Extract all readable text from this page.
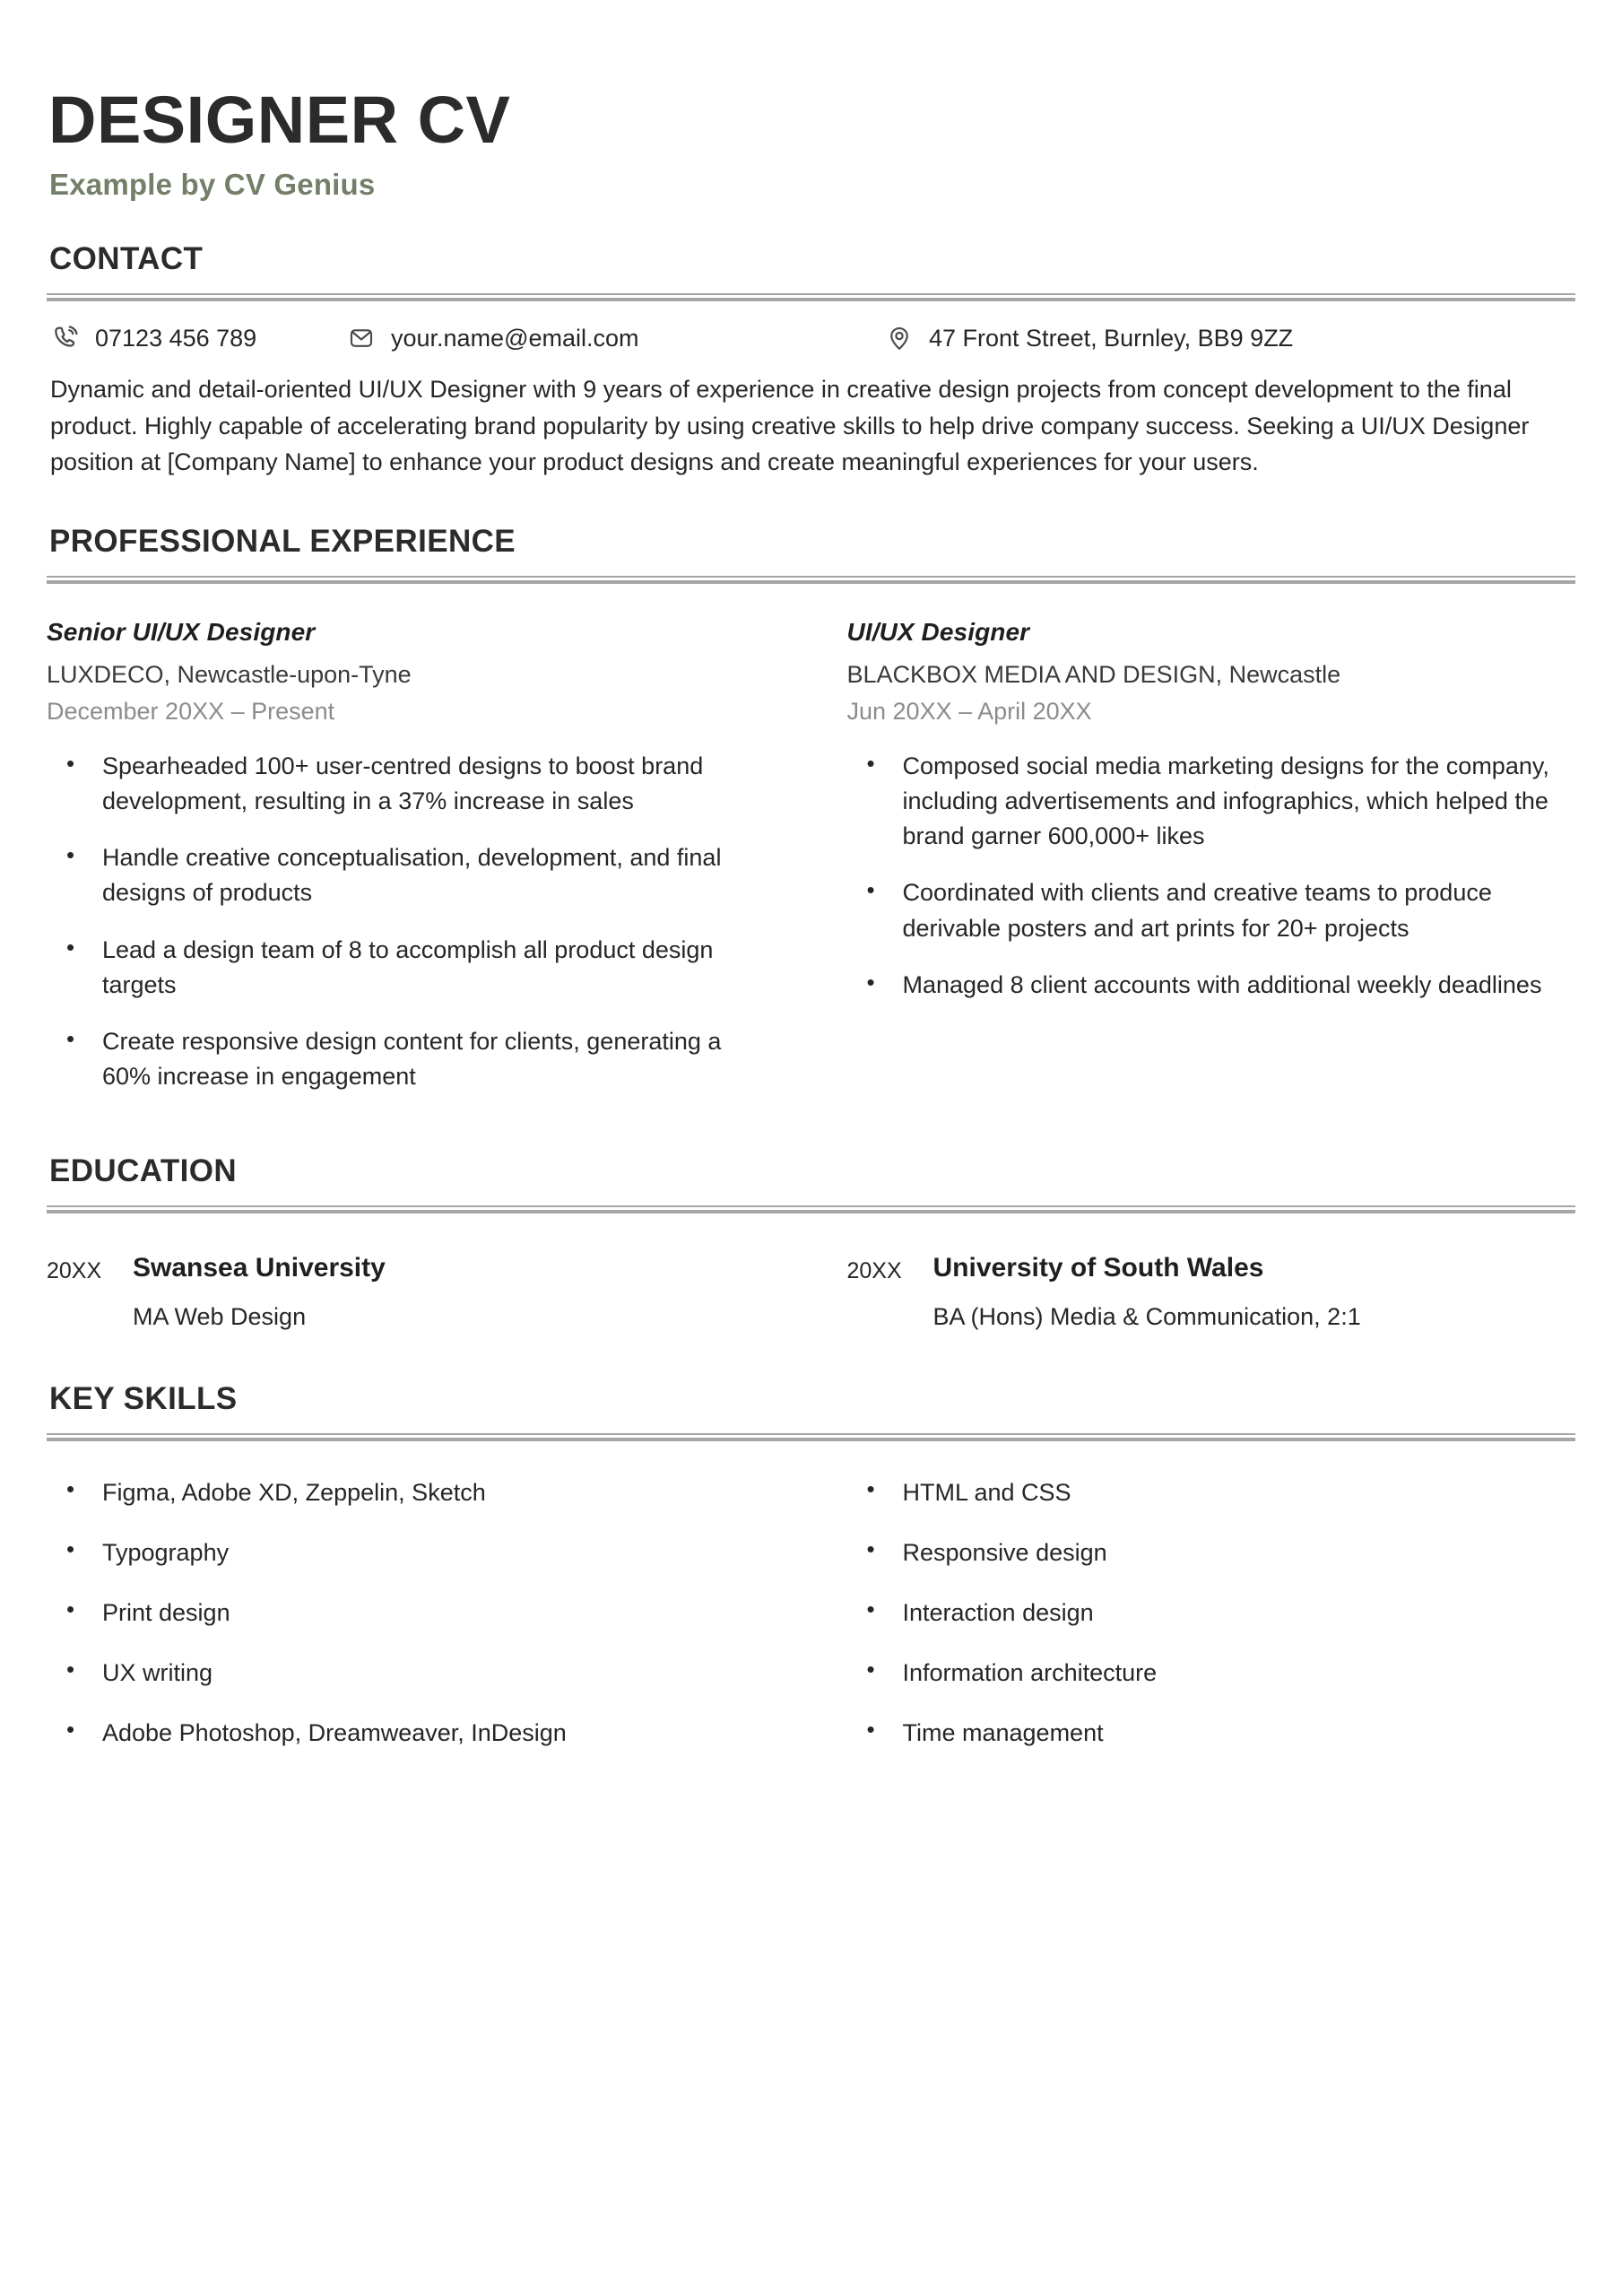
DESIGNER CV
Example by CV Genius
CONTACT
07123 456 789	your.name@email.com	47 Front Street, Burnley, BB9 9ZZ
Dynamic and detail-oriented UI/UX Designer with 9 years of experience in creative design projects from concept development to the final product. Highly capable of accelerating brand popularity by using creative skills to help drive company success. Seeking a UI/UX Designer position at [Company Name] to enhance your product designs and create meaningful experiences for your users.
PROFESSIONAL EXPERIENCE
Senior UI/UX Designer
LUXDECO, Newcastle-upon-Tyne
December 20XX – Present
• Spearheaded 100+ user-centred designs to boost brand development, resulting in a 37% increase in sales
• Handle creative conceptualisation, development, and final designs of products
• Lead a design team of 8 to accomplish all product design targets
• Create responsive design content for clients, generating a 60% increase in engagement
UI/UX Designer
BLACKBOX MEDIA AND DESIGN, Newcastle
Jun 20XX – April 20XX
• Composed social media marketing designs for the company, including advertisements and infographics, which helped the brand garner 600,000+ likes
• Coordinated with clients and creative teams to produce derivable posters and art prints for 20+ projects
• Managed 8 client accounts with additional weekly deadlines
EDUCATION
20XX	Swansea University
MA Web Design
20XX	University of South Wales
BA (Hons) Media & Communication, 2:1
KEY SKILLS
• Figma, Adobe XD, Zeppelin, Sketch
• Typography
• Print design
• UX writing
• Adobe Photoshop, Dreamweaver, InDesign
• HTML and CSS
• Responsive design
• Interaction design
• Information architecture
• Time management
